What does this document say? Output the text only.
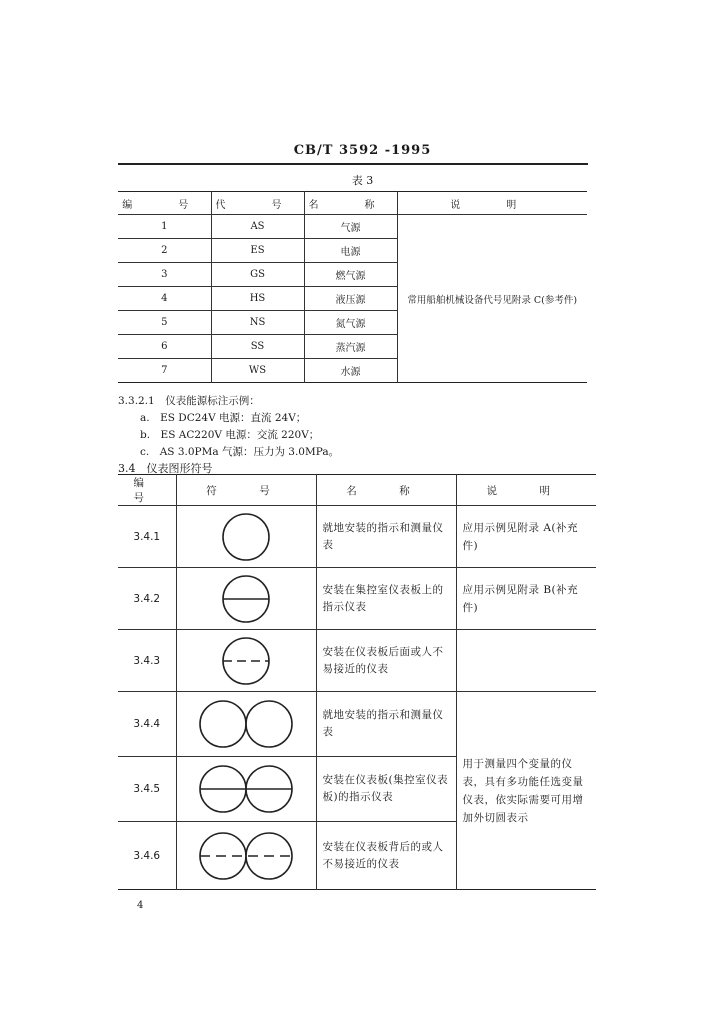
CB/T 3592 -1995
表 3
编　号	代　号	名　称	说　明
1	AS	气源	常用船舶机械设备代号见附录 C(参考件)
2	ES	电源	
3	GS	燃气源	
4	HS	液压源	
5	NS	氮气源	
6	SS	蒸汽源	
7	WS	水源	
3.3.2.1　仪表能源标注示例：
a.　ES DC24V 电源：直流 24V；
b.　ES AC220V 电源：交流 220V；
c.　AS 3.0PMa 气源：压力为 3.0MPa。
3.4　仪表图形符号
编　号	符　号	名　称	说　明
3.4.1		就地安装的指示和测量仪表	应用示例见附录 A(补充件)
3.4.2		安装在集控室仪表板上的指示仪表	应用示例见附录 B(补充件)
3.4.3		安装在仪表板后面或人不易接近的仪表	
3.4.4		就地安装的指示和测量仪表	用于测量四个变量的仪表，具有多功能任选变量仪表，依实际需要可用增加外切圆表示
3.4.5		安装在仪表板(集控室仪表板)的指示仪表	
3.4.6		安装在仪表板背后的或人不易接近的仪表	
4
